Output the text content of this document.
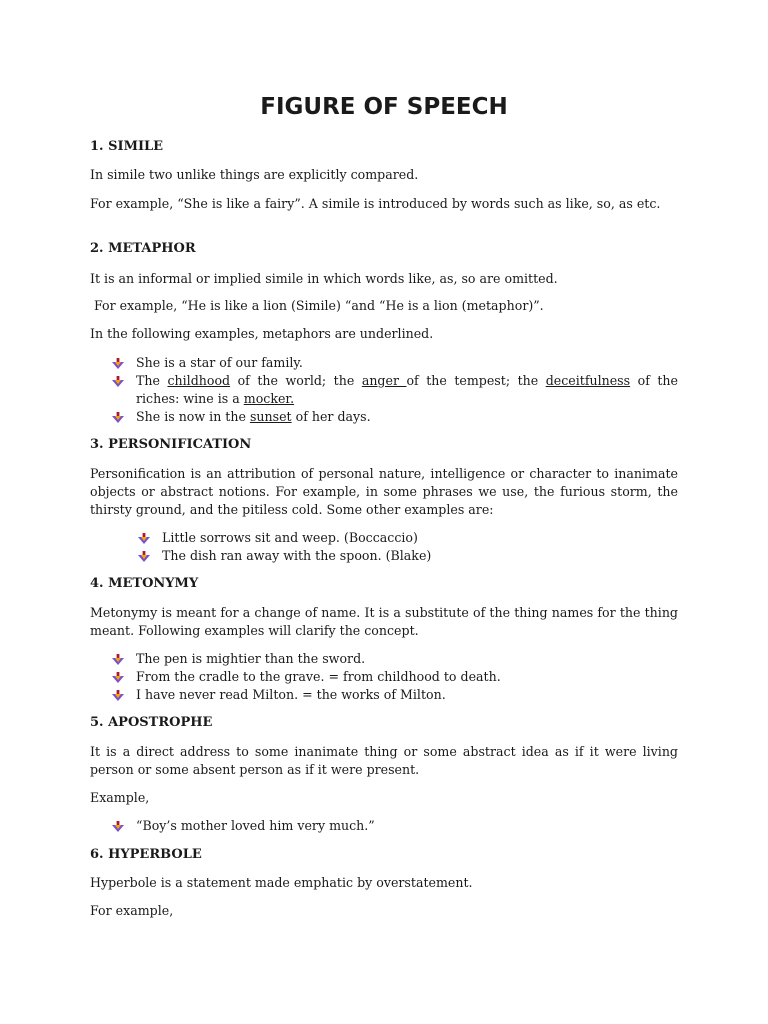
FIGURE OF SPEECH
1. SIMILE

In simile two unlike things are explicitly compared.

For example, “She is like a fairy”. A simile is introduced by words such as like, so, as etc.

2. METAPHOR

It is an informal or implied simile in which words like, as, so are omitted.

For example, “He is like a lion (Simile) “and “He is a lion (metaphor)”.

In the following examples, metaphors are underlined.

She is a star of our family.
The childhood of the world; the anger of the tempest; the deceitfulness of the riches: wine is a mocker.
She is now in the sunset of her days.
3. PERSONIFICATION

Personification is an attribution of personal nature, intelligence or character to inanimate objects or abstract notions. For example, in some phrases we use, the furious storm, the thirsty ground, and the pitiless cold. Some other examples are:

Little sorrows sit and weep. (Boccaccio)
The dish ran away with the spoon. (Blake)
4. METONYMY

Metonymy is meant for a change of name. It is a substitute of the thing names for the thing meant. Following examples will clarify the concept.

The pen is mightier than the sword.
From the cradle to the grave. = from childhood to death.
I have never read Milton. = the works of Milton.
5. APOSTROPHE

It is a direct address to some inanimate thing or some abstract idea as if it were living person or some absent person as if it were present.

Example,

“Boy’s mother loved him very much.”
6. HYPERBOLE

Hyperbole is a statement made emphatic by overstatement.

For example,
